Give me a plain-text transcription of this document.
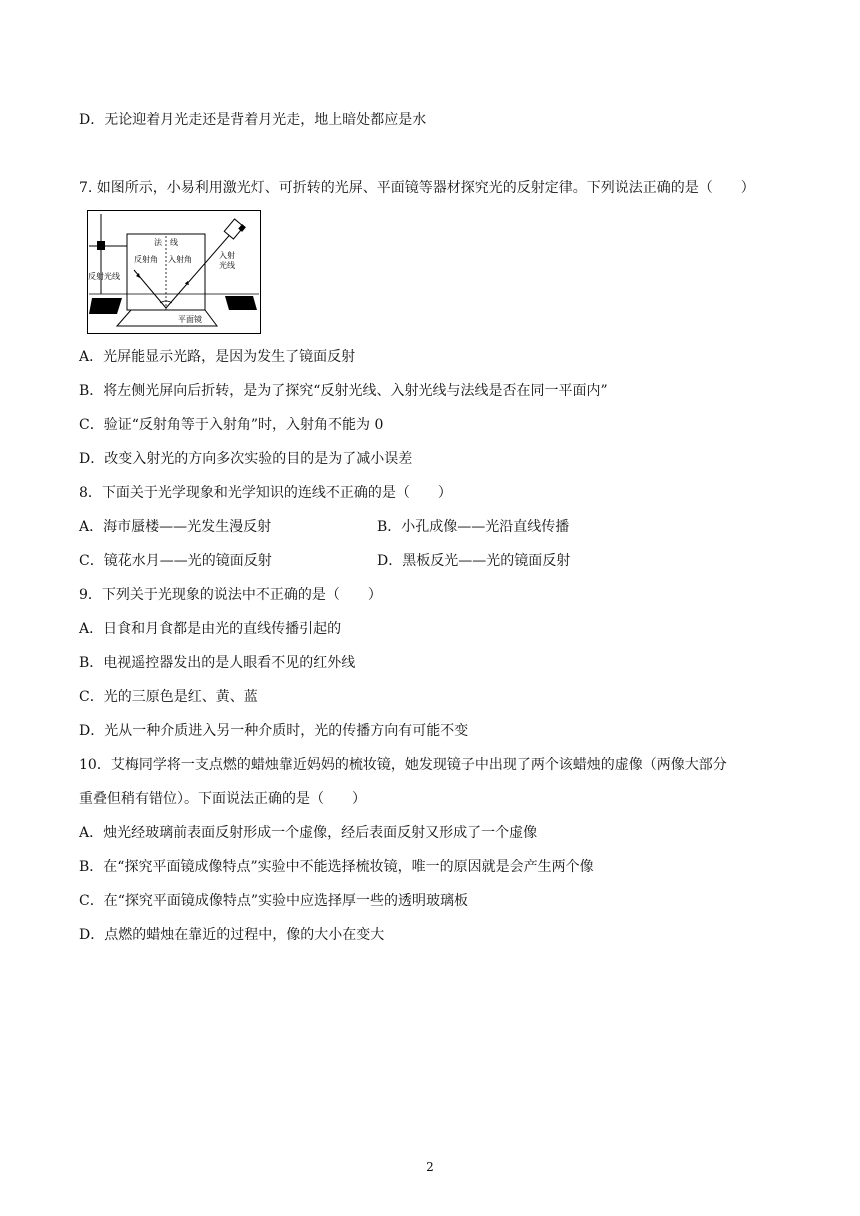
D．无论迎着月光走还是背着月光走，地上暗处都应是水
7. 如图所示，小易利用激光灯、可折转的光屏、平面镜等器材探究光的反射定律。下列说法正确的是（　　）
法　线
反射角 入射角	入射
光线
反射光线
平面镜
A．光屏能显示光路，是因为发生了镜面反射
B．将左侧光屏向后折转，是为了探究“反射光线、入射光线与法线是否在同一平面内”
C．验证“反射角等于入射角”时，入射角不能为 0
D．改变入射光的方向多次实验的目的是为了减小误差
8．下面关于光学现象和光学知识的连线不正确的是（　　）
A．海市蜃楼——光发生漫反射	B．小孔成像——光沿直线传播
C．镜花水月——光的镜面反射	D．黑板反光——光的镜面反射
9．下列关于光现象的说法中不正确的是（　　）
A．日食和月食都是由光的直线传播引起的
B．电视遥控器发出的是人眼看不见的红外线
C．光的三原色是红、黄、蓝
D．光从一种介质进入另一种介质时，光的传播方向有可能不变
10．艾梅同学将一支点燃的蜡烛靠近妈妈的梳妆镜，她发现镜子中出现了两个该蜡烛的虚像（两像大部分
重叠但稍有错位）。下面说法正确的是（　　）
A．烛光经玻璃前表面反射形成一个虚像，经后表面反射又形成了一个虚像
B．在“探究平面镜成像特点”实验中不能选择梳妆镜，唯一的原因就是会产生两个像
C．在“探究平面镜成像特点”实验中应选择厚一些的透明玻璃板
D．点燃的蜡烛在靠近的过程中，像的大小在变大
2
